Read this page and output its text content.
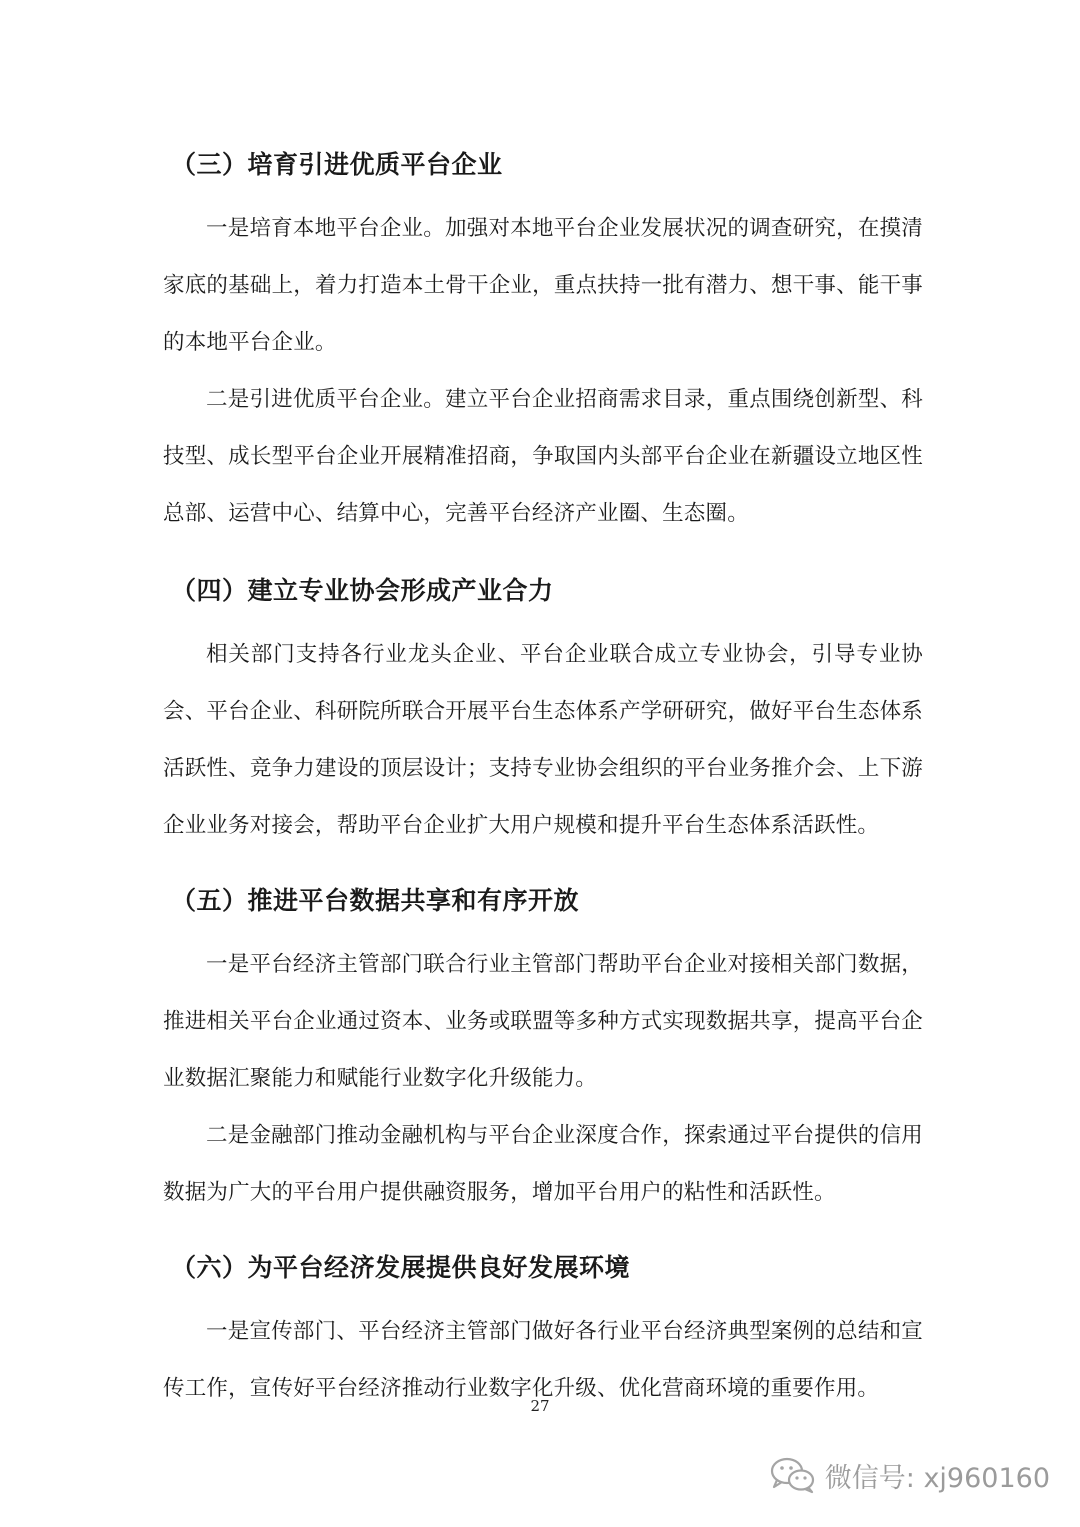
（三）培育引进优质平台企业

一是培育本地平台企业。加强对本地平台企业发展状况的调查研究，在摸清家底的基础上，着力打造本土骨干企业，重点扶持一批有潜力、想干事、能干事的本地平台企业。

二是引进优质平台企业。建立平台企业招商需求目录，重点围绕创新型、科技型、成长型平台企业开展精准招商，争取国内头部平台企业在新疆设立地区性总部、运营中心、结算中心，完善平台经济产业圈、生态圈。

（四）建立专业协会形成产业合力

相关部门支持各行业龙头企业、平台企业联合成立专业协会，引导专业协会、平台企业、科研院所联合开展平台生态体系产学研研究，做好平台生态体系活跃性、竞争力建设的顶层设计；支持专业协会组织的平台业务推介会、上下游企业业务对接会，帮助平台企业扩大用户规模和提升平台生态体系活跃性。

（五）推进平台数据共享和有序开放

一是平台经济主管部门联合行业主管部门帮助平台企业对接相关部门数据，推进相关平台企业通过资本、业务或联盟等多种方式实现数据共享，提高平台企业数据汇聚能力和赋能行业数字化升级能力。

二是金融部门推动金融机构与平台企业深度合作，探索通过平台提供的信用数据为广大的平台用户提供融资服务，增加平台用户的粘性和活跃性。

（六）为平台经济发展提供良好发展环境

一是宣传部门、平台经济主管部门做好各行业平台经济典型案例的总结和宣传工作，宣传好平台经济推动行业数字化升级、优化营商环境的重要作用。

27
微信号: xj960160
